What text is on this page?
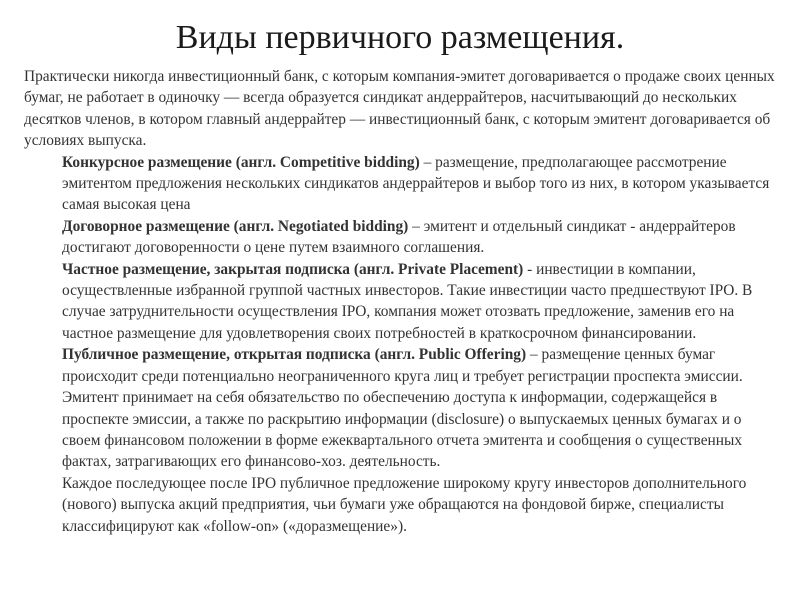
Виды первичного размещения.

Практически никогда инвестиционный банк, с которым компания-эмитет договаривается о продаже своих ценных бумаг, не работает в одиночку — всегда образуется синдикат андеррайтеров, насчитывающий до нескольких десятков членов, в котором главный андеррайтер — инвестиционный банк, с которым эмитент договаривается об условиях выпуска.

Конкурсное размещение (англ. Competitive bidding) – размещение, предполагающее рассмотрение эмитентом предложения нескольких синдикатов андеррайтеров и выбор того из них, в котором указывается самая высокая цена

Договорное размещение (англ. Negotiated bidding) – эмитент и отдельный синдикат - андеррайтеров достигают договоренности о цене путем взаимного соглашения.

Частное размещение, закрытая подписка (англ. Private Placement) - инвестиции в компании, осуществленные избранной группой частных инвесторов. Такие инвестиции часто предшествуют IPO. В случае затруднительности осуществления IPO, компания может отозвать предложение, заменив его на частное размещение для удовлетворения своих потребностей в краткосрочном финансировании.

Публичное размещение, открытая подписка (англ. Public Offering) – размещение ценных бумаг происходит среди потенциально неограниченного круга лиц и требует регистрации проспекта эмиссии. Эмитент принимает на себя обязательство по обеспечению доступа к информации, содержащейся в проспекте эмиссии, а также по раскрытию информации (disclosure) о выпускаемых ценных бумагах и о своем финансовом положении в форме ежеквартального отчета эмитента и сообщения о существенных фактах, затрагивающих его финансово-хоз. деятельность.

Каждое последующее после IPO публичное предложение широкому кругу инвесторов дополнительного (нового) выпуска акций предприятия, чьи бумаги уже обращаются на фондовой бирже, специалисты классифицируют как «follow-on» («доразмещение»).
